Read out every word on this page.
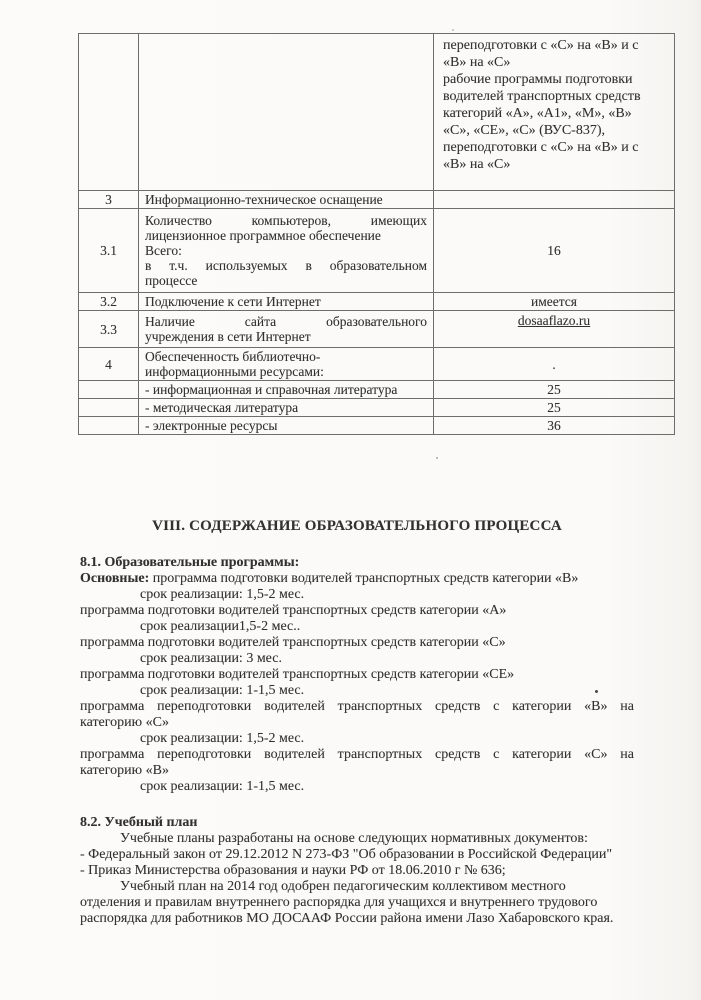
переподготовки с «С» на «В» и с
«В» на «С»
рабочие программы подготовки
водителей транспортных средств
категорий «А», «А1», «М», «В»
«С», «СЕ», «С» (ВУС-837),
переподготовки с «С» на «В» и с
«В» на «С»

3	Информационно-техническое оснащение	

3.1	Количество компьютеров, имеющих
лицензионное программное обеспечение
Всего:
в т.ч. используемых в образовательном
процессе	16

3.2	Подключение к сети Интернет	имеется

3.3	Наличие сайта образовательного
учреждения в сети Интернет	dosaaflazo.ru

4	Обеспеченность библиотечно-
информационными ресурсами:	.

	- информационная и справочная литература	25

	- методическая литература	25

	- электронные ресурсы	36
VIII. СОДЕРЖАНИЕ ОБРАЗОВАТЕЛЬНОГО ПРОЦЕССА
8.1. Образовательные программы:
Основные: программа подготовки водителей транспортных средств категории «В»
срок реализации: 1,5-2 мес.
программа подготовки водителей транспортных средств категории «А»
срок реализации1,5-2 мес..
программа подготовки водителей транспортных средств категории «С»
срок реализации: 3 мес.
программа подготовки водителей транспортных средств категории «СЕ»
срок реализации: 1-1,5 мес.
программа переподготовки водителей транспортных средств с категории «В» на
категорию «С»
срок реализации: 1,5-2 мес.
программа переподготовки водителей транспортных средств с категории «С» на
категорию «В»
срок реализации: 1-1,5 мес.
8.2. Учебный план
Учебные планы разработаны на основе следующих нормативных документов:
- Федеральный закон от 29.12.2012 N 273-ФЗ "Об образовании в Российской Федерации"
- Приказ Министерства образования и науки РФ от 18.06.2010 г № 636;
Учебный план на 2014 год одобрен педагогическим коллективом местного
отделения и правилам внутреннего распорядка для учащихся и внутреннего трудового
распорядка для работников МО ДОСААФ России района имени Лазо Хабаровского края.
